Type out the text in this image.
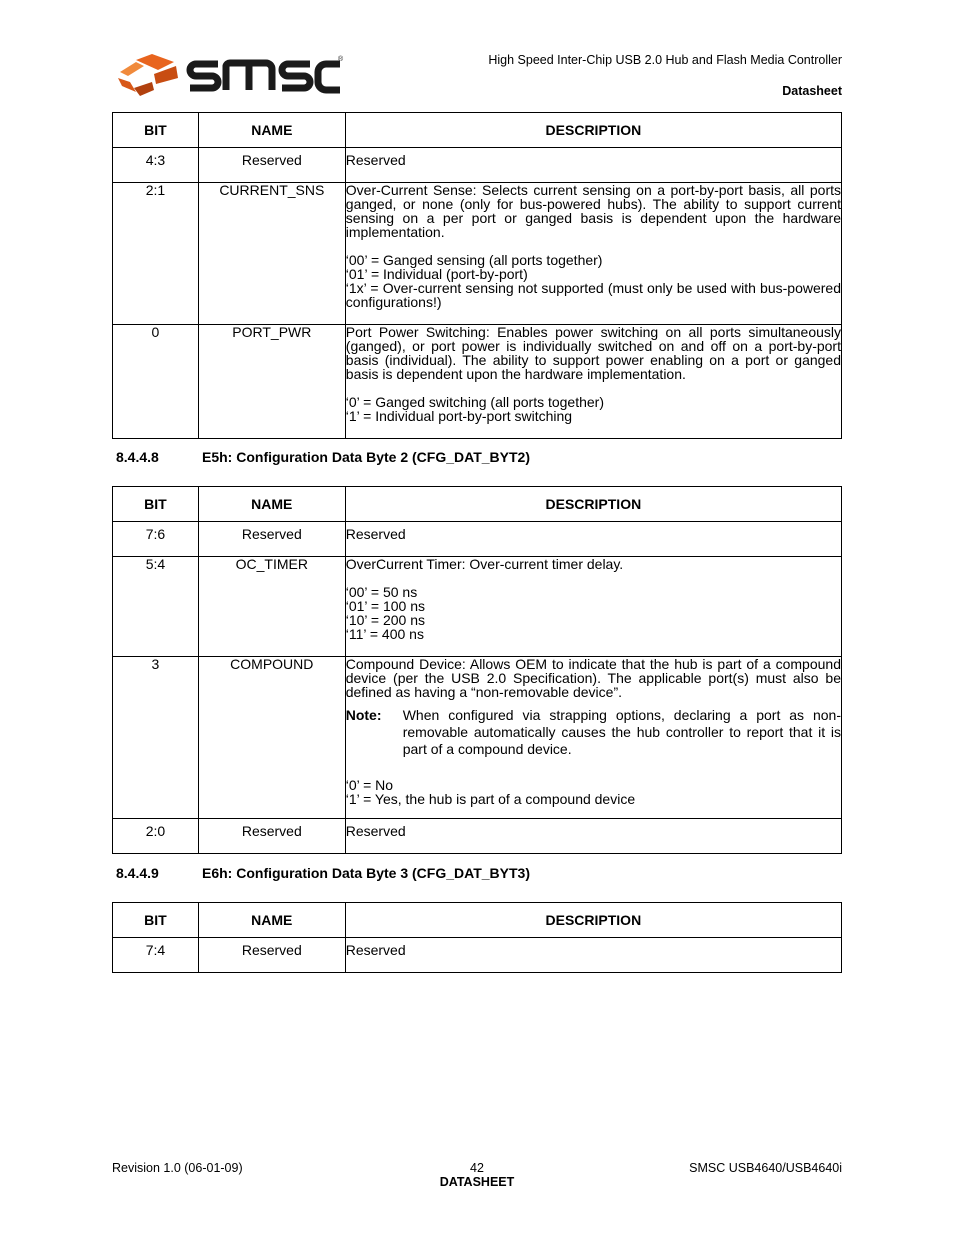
®	High Speed Inter-Chip USB 2.0 Hub and Flash Media Controller
Datasheet
BIT	NAME	DESCRIPTION
4:3	Reserved	Reserved
2:1	CURRENT_SNS	Over-Current Sense: Selects current sensing on a port-by-port basis, all ports ganged, or none (only for bus-powered hubs). The ability to support current sensing on a per port or ganged basis is dependent upon the hardware implementation.

‘00’ = Ganged sensing (all ports together)
‘01’ = Individual (port-by-port)
‘1x’ = Over-current sensing not supported (must only be used with bus-powered configurations!)

0	PORT_PWR	Port Power Switching: Enables power switching on all ports simultaneously (ganged), or port power is individually switched on and off on a port-by-port basis (individual). The ability to support power enabling on a port or ganged basis is dependent upon the hardware implementation.

‘0’ = Ganged switching (all ports together)
‘1’ = Individual port-by-port switching
8.4.4.8	E5h: Configuration Data Byte 2 (CFG_DAT_BYT2)
BIT	NAME	DESCRIPTION
7:6	Reserved	Reserved
5:4	OC_TIMER	OverCurrent Timer: Over-current timer delay.

‘00’ = 50 ns
‘01’ = 100 ns
‘10’ = 200 ns
‘11’ = 400 ns

3	COMPOUND	Compound Device: Allows OEM to indicate that the hub is part of a compound device (per the USB 2.0 Specification). The applicable port(s) must also be defined as having a “non-removable device”.

Note: When configured via strapping options, declaring a port as non-removable automatically causes the hub controller to report that it is part of a compound device.
‘0’ = No
‘1’ = Yes, the hub is part of a compound device

2:0	Reserved	Reserved
8.4.4.9	E6h: Configuration Data Byte 3 (CFG_DAT_BYT3)
BIT	NAME	DESCRIPTION
7:4	Reserved	Reserved
Revision 1.0 (06-01-09)	42
DATASHEET
SMSC USB4640/USB4640i
